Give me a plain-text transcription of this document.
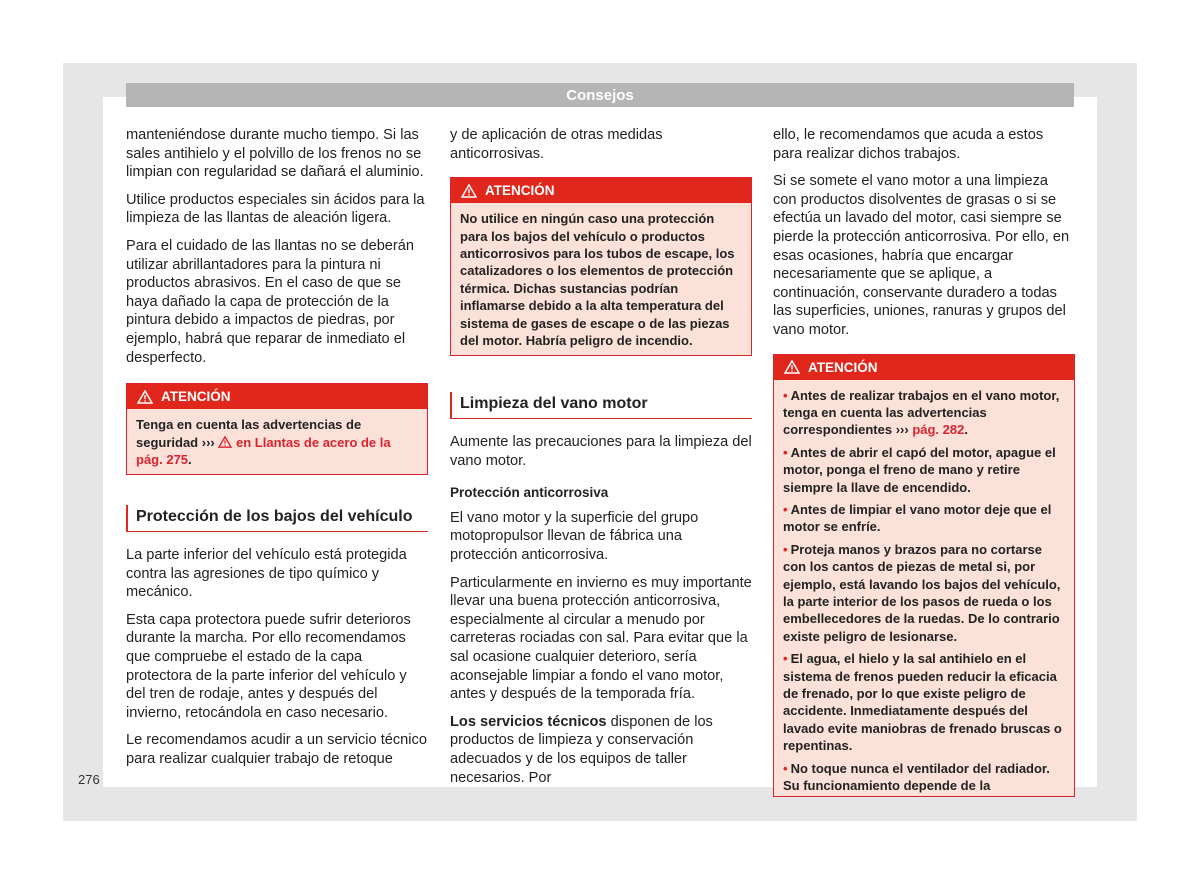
Consejos

manteniéndose durante mucho tiempo. Si las sales antihielo y el polvillo de los frenos no se limpian con regularidad se dañará el aluminio.

Utilice productos especiales sin ácidos para la limpieza de las llantas de aleación ligera.

Para el cuidado de las llantas no se deberán utilizar abrillantadores para la pintura ni productos abrasivos. En el caso de que se haya dañado la capa de protección de la pintura debido a impactos de piedras, por ejemplo, habrá que reparar de inmediato el desperfecto.

ATENCIÓN
Tenga en cuenta las advertencias de seguridad ››› en Llantas de acero de la pág. 275.
Protección de los bajos del vehículo

La parte inferior del vehículo está protegida contra las agresiones de tipo químico y mecánico.

Esta capa protectora puede sufrir deterioros durante la marcha. Por ello recomendamos que compruebe el estado de la capa protectora de la parte inferior del vehículo y del tren de rodaje, antes y después del invierno, retocándola en caso necesario.

Le recomendamos acudir a un servicio técnico para realizar cualquier trabajo de retoque

y de aplicación de otras medidas anticorrosivas.

ATENCIÓN
No utilice en ningún caso una protección para los bajos del vehículo o productos anticorrosivos para los tubos de escape, los catalizadores o los elementos de protección térmica. Dichas sustancias podrían inflamarse debido a la alta temperatura del sistema de gases de escape o de las piezas del motor. Habría peligro de incendio.
Limpieza del vano motor

Aumente las precauciones para la limpieza del vano motor.

Protección anticorrosiva

El vano motor y la superficie del grupo motopropulsor llevan de fábrica una protección anticorrosiva.

Particularmente en invierno es muy importante llevar una buena protección anticorrosiva, especialmente al circular a menudo por carreteras rociadas con sal. Para evitar que la sal ocasione cualquier deterioro, sería aconsejable limpiar a fondo el vano motor, antes y después de la temporada fría.

Los servicios técnicos disponen de los productos de limpieza y conservación adecuados y de los equipos de taller necesarios. Por

ello, le recomendamos que acuda a estos para realizar dichos trabajos.

Si se somete el vano motor a una limpieza con productos disolventes de grasas o si se efectúa un lavado del motor, casi siempre se pierde la protección anticorrosiva. Por ello, en esas ocasiones, habría que encargar necesariamente que se aplique, a continuación, conservante duradero a todas las superficies, uniones, ranuras y grupos del vano motor.

ATENCIÓN
• Antes de realizar trabajos en el vano motor, tenga en cuenta las advertencias correspondientes ››› pág. 282.
• Antes de abrir el capó del motor, apague el motor, ponga el freno de mano y retire siempre la llave de encendido.
• Antes de limpiar el vano motor deje que el motor se enfríe.
• Proteja manos y brazos para no cortarse con los cantos de piezas de metal si, por ejemplo, está lavando los bajos del vehículo, la parte interior de los pasos de rueda o los embellecedores de la ruedas. De lo contrario existe peligro de lesionarse.
• El agua, el hielo y la sal antihielo en el sistema de frenos pueden reducir la eficacia de frenado, por lo que existe peligro de accidente. Inmediatamente después del lavado evite maniobras de frenado bruscas o repentinas.
• No toque nunca el ventilador del radiador. Su funcionamiento depende de la
276
